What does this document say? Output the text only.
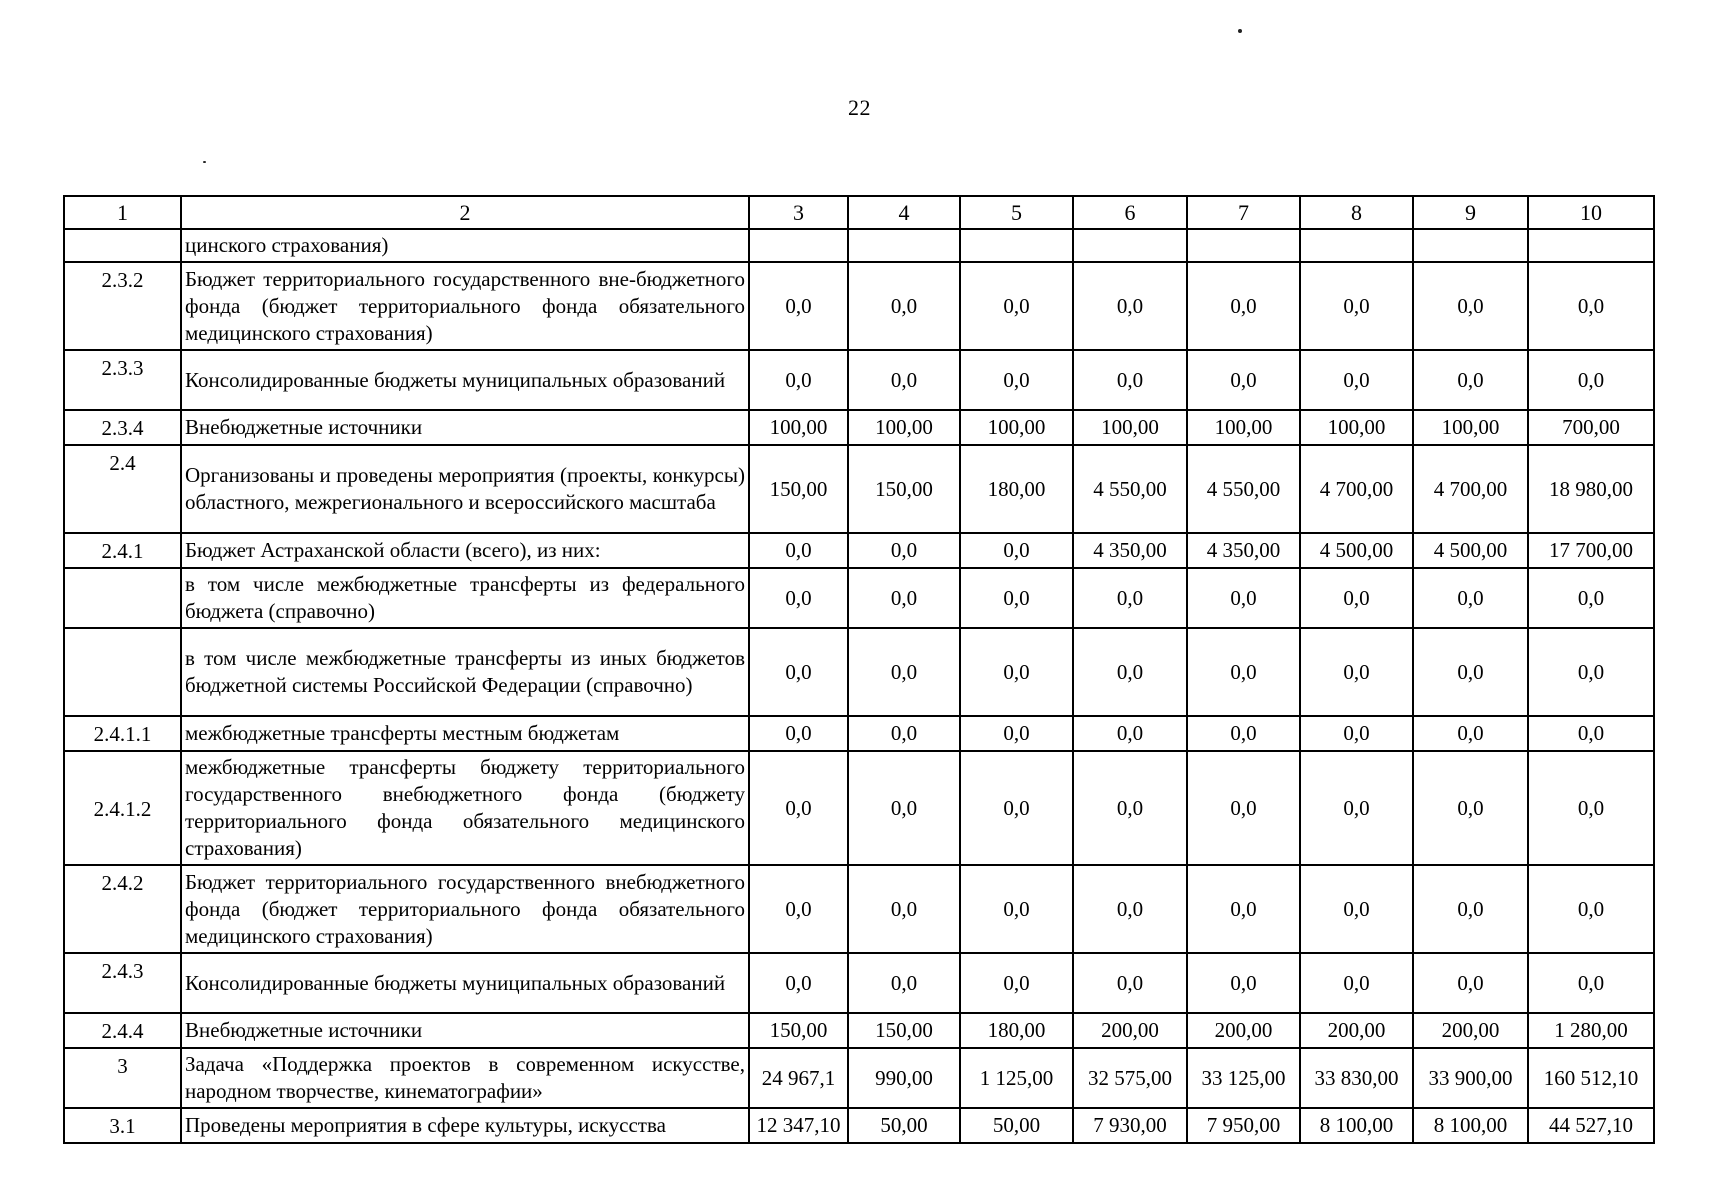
22
1	2	3	4	5	6	7	8	9	10
	цинского страхования)								
2.3.2	Бюджет территориального государственного вне-бюджетного фонда (бюджет территориального фонда обязательного медицинского страхования)	0,0	0,0	0,0	0,0	0,0	0,0	0,0	0,0
2.3.3	Консолидированные бюджеты муниципальных образований	0,0	0,0	0,0	0,0	0,0	0,0	0,0	0,0
2.3.4	Внебюджетные источники	100,00	100,00	100,00	100,00	100,00	100,00	100,00	700,00
2.4	Организованы и проведены мероприятия (проекты, конкурсы) областного, межрегионального и всероссийского масштаба	150,00	150,00	180,00	4 550,00	4 550,00	4 700,00	4 700,00	18 980,00
2.4.1	Бюджет Астраханской области (всего), из них:	0,0	0,0	0,0	4 350,00	4 350,00	4 500,00	4 500,00	17 700,00
	в том числе межбюджетные трансферты из федерального бюджета (справочно)	0,0	0,0	0,0	0,0	0,0	0,0	0,0	0,0
	в том числе межбюджетные трансферты из иных бюджетов бюджетной системы Российской Федерации (справочно)	0,0	0,0	0,0	0,0	0,0	0,0	0,0	0,0
2.4.1.1	межбюджетные трансферты местным бюджетам	0,0	0,0	0,0	0,0	0,0	0,0	0,0	0,0
2.4.1.2	межбюджетные трансферты бюджету территориального государственного внебюджетного фонда (бюджету территориального фонда обязательного медицинского страхования)	0,0	0,0	0,0	0,0	0,0	0,0	0,0	0,0
2.4.2	Бюджет территориального государственного внебюджетного фонда (бюджет территориального фонда обязательного медицинского страхования)	0,0	0,0	0,0	0,0	0,0	0,0	0,0	0,0
2.4.3	Консолидированные бюджеты муниципальных образований	0,0	0,0	0,0	0,0	0,0	0,0	0,0	0,0
2.4.4	Внебюджетные источники	150,00	150,00	180,00	200,00	200,00	200,00	200,00	1 280,00
3	Задача «Поддержка проектов в современном искусстве, народном творчестве, кинематографии»	24 967,1	990,00	1 125,00	32 575,00	33 125,00	33 830,00	33 900,00	160 512,10
3.1	Проведены мероприятия в сфере культуры, искусства	12 347,10	50,00	50,00	7 930,00	7 950,00	8 100,00	8 100,00	44 527,10
